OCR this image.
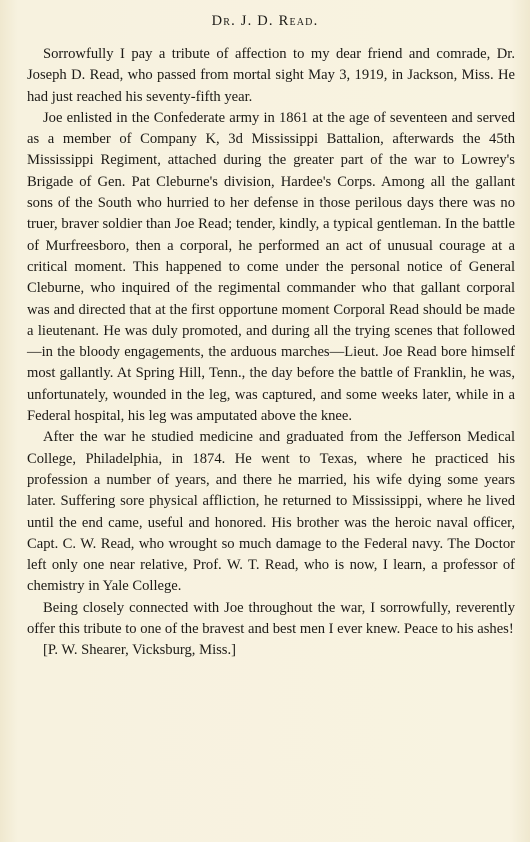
Dr. J. D. Read.

Sorrowfully I pay a tribute of affection to my dear friend and comrade, Dr. Joseph D. Read, who passed from mortal sight May 3, 1919, in Jackson, Miss. He had just reached his seventy-fifth year.

Joe enlisted in the Confederate army in 1861 at the age of seventeen and served as a member of Company K, 3d Mississippi Battalion, afterwards the 45th Mississippi Regiment, attached during the greater part of the war to Lowrey's Brigade of Gen. Pat Cleburne's division, Hardee's Corps. Among all the gallant sons of the South who hurried to her defense in those perilous days there was no truer, braver soldier than Joe Read; tender, kindly, a typical gentleman. In the battle of Murfreesboro, then a corporal, he performed an act of unusual courage at a critical moment. This happened to come under the personal notice of General Cleburne, who inquired of the regimental commander who that gallant corporal was and directed that at the first opportune moment Corporal Read should be made a lieutenant. He was duly promoted, and during all the trying scenes that followed—in the bloody engagements, the arduous marches—Lieut. Joe Read bore himself most gallantly. At Spring Hill, Tenn., the day before the battle of Franklin, he was, unfortunately, wounded in the leg, was captured, and some weeks later, while in a Federal hospital, his leg was amputated above the knee.

After the war he studied medicine and graduated from the Jefferson Medical College, Philadelphia, in 1874. He went to Texas, where he practiced his profession a number of years, and there he married, his wife dying some years later. Suffering sore physical affliction, he returned to Mississippi, where he lived until the end came, useful and honored. His brother was the heroic naval officer, Capt. C. W. Read, who wrought so much damage to the Federal navy. The Doctor left only one near relative, Prof. W. T. Read, who is now, I learn, a professor of chemistry in Yale College.

Being closely connected with Joe throughout the war, I sorrowfully, reverently offer this tribute to one of the bravest and best men I ever knew. Peace to his ashes!

[P. W. Shearer, Vicksburg, Miss.]
